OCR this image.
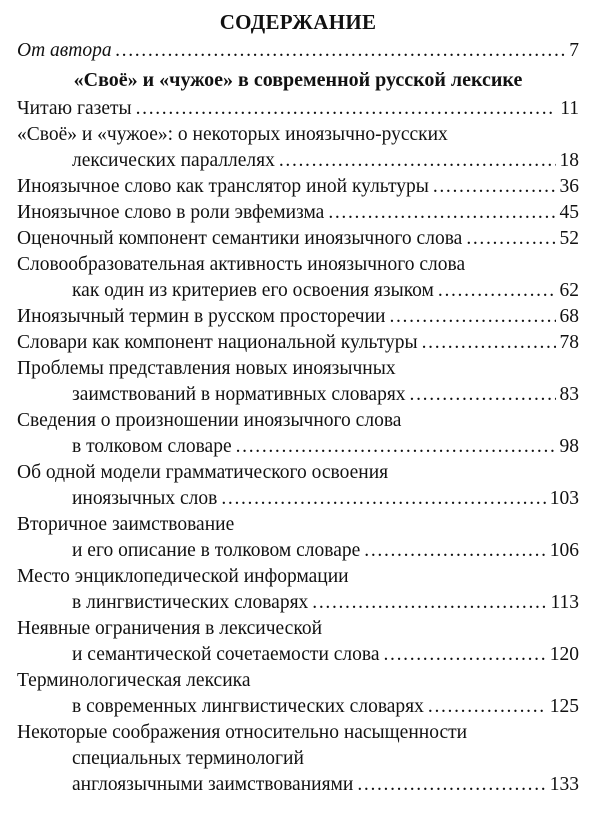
СОДЕРЖАНИЕ
От автора . . .	7
«Своё» и «чужое» в современной русской лексике
Читаю газеты . . .	11
«Своё» и «чужое»: о некоторых иноязычно-русских
лексических параллелях . . .	18
Иноязычное слово как транслятор иной культуры . . .	36
Иноязычное слово в роли эвфемизма . . .	45
Оценочный компонент семантики иноязычного слова . . .	52
Словообразовательная активность иноязычного слова
как один из критериев его освоения языком . . .	62
Иноязычный термин в русском просторечии . . .	68
Словари как компонент национальной культуры . . .	78
Проблемы представления новых иноязычных
заимствований в нормативных словарях . . .	83
Сведения о произношении иноязычного слова
в толковом словаре . . .	98
Об одной модели грамматического освоения
иноязычных слов . . .	103
Вторичное заимствование
и его описание в толковом словаре . . .	106
Место энциклопедической информации
в лингвистических словарях . . .	113
Неявные ограничения в лексической
и семантической сочетаемости слова . . .	120
Терминологическая лексика
в современных лингвистических словарях . . .	125
Некоторые соображения относительно насыщенности
специальных терминологий
англоязычными заимствованиями . . .	133
